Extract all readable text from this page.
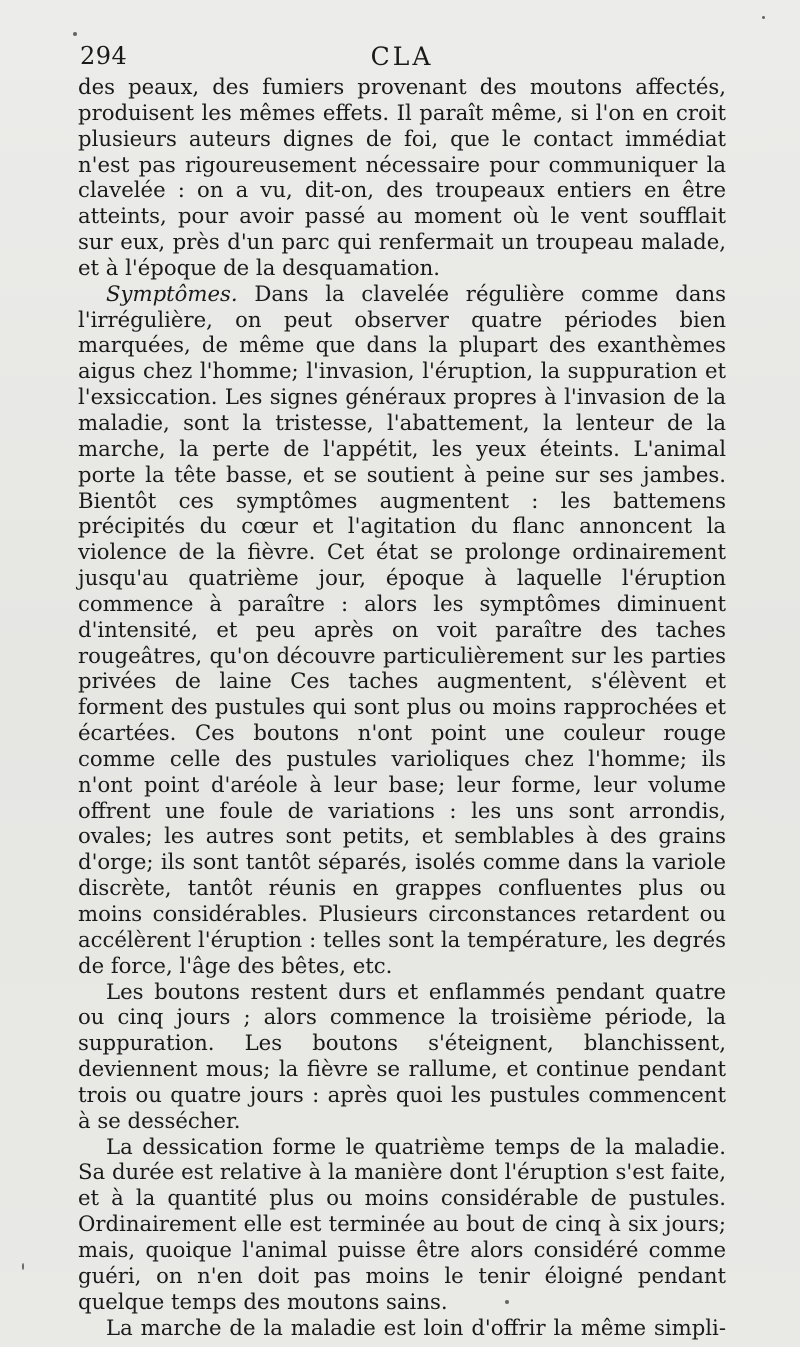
294	CLA

des peaux, des fumiers provenant des moutons affectés, produisent les mêmes effets. Il paraît même, si l'on en croit plusieurs auteurs dignes de foi, que le contact immédiat n'est pas rigoureusement nécessaire pour communiquer la clavelée : on a vu, dit-on, des troupeaux entiers en être atteints, pour avoir passé au moment où le vent soufflait sur eux, près d'un parc qui renfermait un troupeau malade, et à l'époque de la desquamation.

Symptômes. Dans la clavelée régulière comme dans l'irrégulière, on peut observer quatre périodes bien marquées, de même que dans la plupart des exanthèmes aigus chez l'homme; l'invasion, l'éruption, la suppuration et l'exsiccation. Les signes généraux propres à l'invasion de la maladie, sont la tristesse, l'abattement, la lenteur de la marche, la perte de l'appétit, les yeux éteints. L'animal porte la tête basse, et se soutient à peine sur ses jambes. Bientôt ces symptômes augmentent : les battemens précipités du cœur et l'agitation du flanc annoncent la violence de la fièvre. Cet état se prolonge ordinairement jusqu'au quatrième jour, époque à laquelle l'éruption commence à paraître : alors les symptômes diminuent d'intensité, et peu après on voit paraître des taches rougeâtres, qu'on découvre particulièrement sur les parties privées de laine Ces taches augmentent, s'élèvent et forment des pustules qui sont plus ou moins rapprochées et écartées. Ces boutons n'ont point une couleur rouge comme celle des pustules varioliques chez l'homme; ils n'ont point d'aréole à leur base; leur forme, leur volume offrent une foule de variations : les uns sont arrondis, ovales; les autres sont petits, et semblables à des grains d'orge; ils sont tantôt séparés, isolés comme dans la variole discrète, tantôt réunis en grappes confluentes plus ou moins considérables. Plusieurs circonstances retardent ou accélèrent l'éruption : telles sont la température, les degrés de force, l'âge des bêtes, etc.

Les boutons restent durs et enflammés pendant quatre ou cinq jours ; alors commence la troisième période, la suppuration. Les boutons s'éteignent, blanchissent, deviennent mous; la fièvre se rallume, et continue pendant trois ou quatre jours : après quoi les pustules commencent à se dessécher.

La dessication forme le quatrième temps de la maladie. Sa durée est relative à la manière dont l'éruption s'est faite, et à la quantité plus ou moins considérable de pustules. Ordinairement elle est terminée au bout de cinq à six jours; mais, quoique l'animal puisse être alors considéré comme guéri, on n'en doit pas moins le tenir éloigné pendant quelque temps des moutons sains.

La marche de la maladie est loin d'offrir la même simpli-
